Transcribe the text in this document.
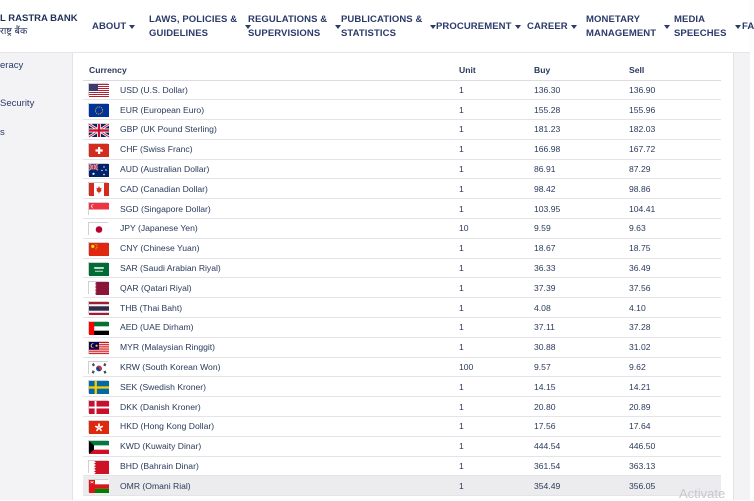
L RASTRA BANK
राष्ट्र बैंक	ABOUT
LAWS, POLICIES &
GUIDELINES
REGULATIONS &
SUPERVISIONS
PUBLICATIONS &
STATISTICS
PROCUREMENT CAREER
MONETARY
MANAGEMENT
MEDIA
SPEECHES
FA
eracy
Security
s
Currency	Unit	Buy	Sell

USD (U.S. Dollar)	1	136.30	136.90

EUR (European Euro)	1	155.28	155.96

GBP (UK Pound Sterling)	1	181.23	182.03

CHF (Swiss Franc)	1	166.98	167.72

AUD (Australian Dollar)	1	86.91	87.29

CAD (Canadian Dollar)	1	98.42	98.86

SGD (Singapore Dollar)	1	103.95	104.41

JPY (Japanese Yen)	10	9.59	9.63

CNY (Chinese Yuan)	1	18.67	18.75

SAR (Saudi Arabian Riyal)	1	36.33	36.49

QAR (Qatari Riyal)	1	37.39	37.56

THB (Thai Baht)	1	4.08	4.10

AED (UAE Dirham)	1	37.11	37.28

MYR (Malaysian Ringgit)	1	30.88	31.02

KRW (South Korean Won)	100	9.57	9.62

SEK (Swedish Kroner)	1	14.15	14.21

DKK (Danish Kroner)	1	20.80	20.89

HKD (Hong Kong Dollar)	1	17.56	17.64

KWD (Kuwaity Dinar)	1	444.54	446.50

BHD (Bahrain Dinar)	1	361.54	363.13

OMR (Omani Rial)	1	354.49	356.05
Activate
